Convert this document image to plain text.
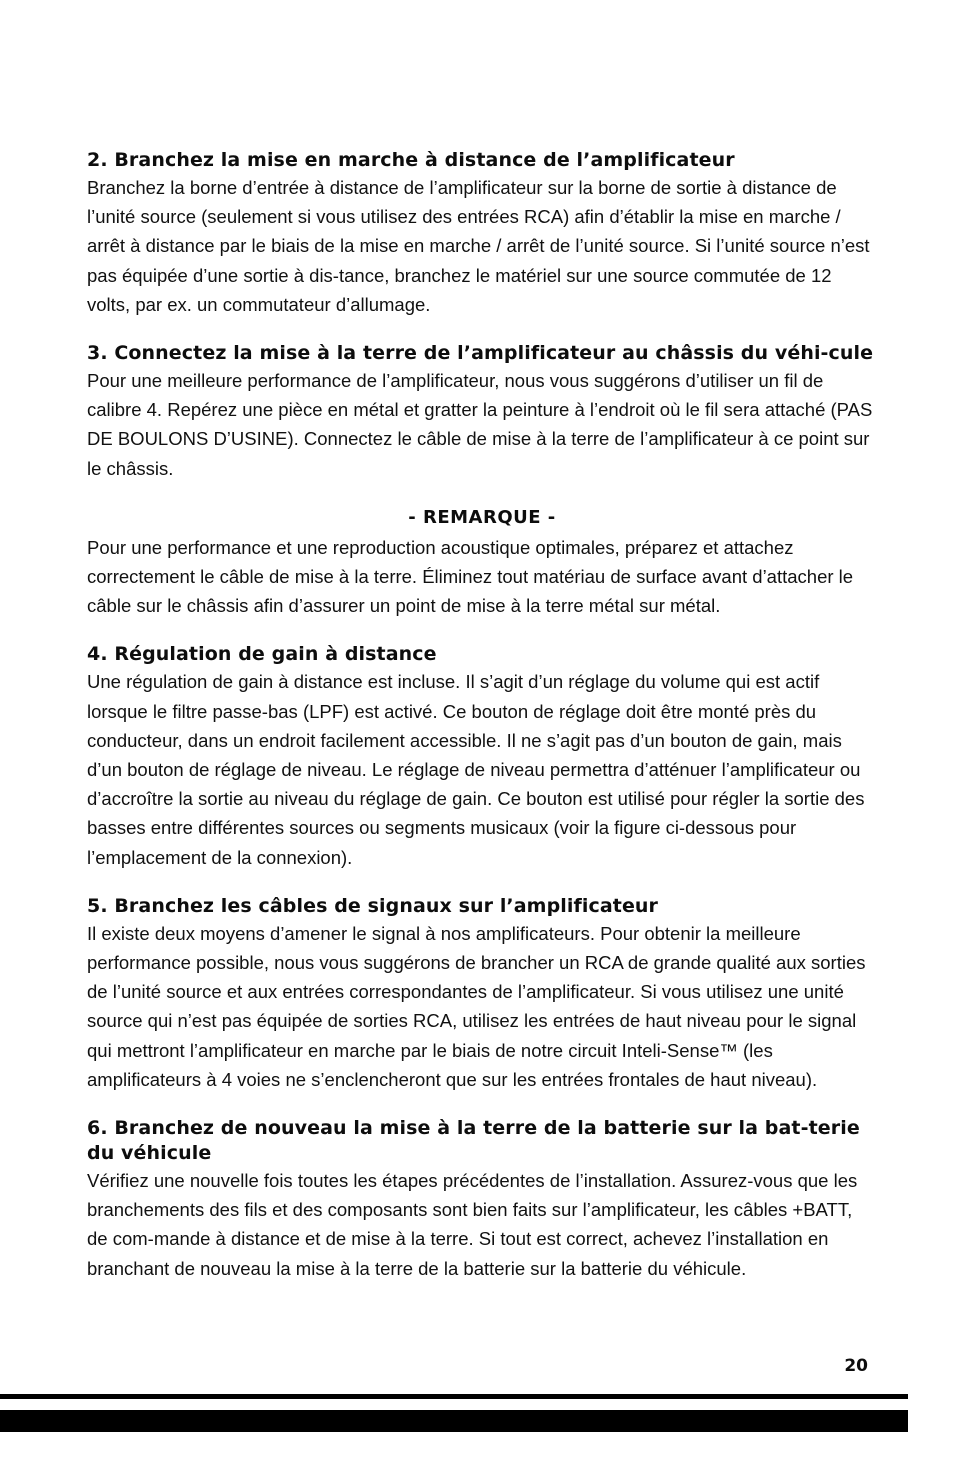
2. Branchez la mise en marche à distance de l’amplificateur

Branchez la borne d’entrée à distance de l’amplificateur sur la borne de sortie à distance de l’unité source (seulement si vous utilisez des entrées RCA) afin d’établir la mise en marche / arrêt à distance par le biais de la mise en marche / arrêt de l’unité source. Si l’unité source n’est pas équipée d’une sortie à dis-tance, branchez le matériel sur une source commutée de 12 volts, par ex. un commutateur d’allumage.

3. Connectez la mise à la terre de l’amplificateur au châssis du véhi-cule

Pour une meilleure performance de l’amplificateur, nous vous suggérons d’utiliser un fil de calibre 4. Repérez une pièce en métal et gratter la peinture à l’endroit où le fil sera attaché (PAS DE BOULONS D’USINE). Connectez le câble de mise à la terre de l’amplificateur à ce point sur le châssis.

- REMARQUE -

Pour une performance et une reproduction acoustique optimales, préparez et attachez correctement le câble de mise à la terre. Éliminez tout matériau de surface avant d’attacher le câble sur le châssis afin d’assurer un point de mise à la terre métal sur métal.

4. Régulation de gain à distance

Une régulation de gain à distance est incluse. Il s’agit d’un réglage du volume qui est actif lorsque le filtre passe-bas (LPF) est activé. Ce bouton de réglage doit être monté près du conducteur, dans un endroit facilement accessible. Il ne s’agit pas d’un bouton de gain, mais d’un bouton de réglage de niveau. Le réglage de niveau permettra d’atténuer l’amplificateur ou d’accroître la sortie au niveau du réglage de gain. Ce bouton est utilisé pour régler la sortie des basses entre différentes sources ou segments musicaux (voir la figure ci-dessous pour l’emplacement de la connexion).

5. Branchez les câbles de signaux sur l’amplificateur

Il existe deux moyens d’amener le signal à nos amplificateurs. Pour obtenir la meilleure performance possible, nous vous suggérons de brancher un RCA de grande qualité aux sorties de l’unité source et aux entrées correspondantes de l’amplificateur. Si vous utilisez une unité source qui n’est pas équipée de sorties RCA, utilisez les entrées de haut niveau pour le signal qui mettront l’amplificateur en marche par le biais de notre circuit Inteli-Sense™ (les amplificateurs à 4 voies ne s’enclencheront que sur les entrées frontales de haut niveau).

6. Branchez de nouveau la mise à la terre de la batterie sur la bat-terie du véhicule

Vérifiez une nouvelle fois toutes les étapes précédentes de l’installation. Assurez-vous que les branchements des fils et des composants sont bien faits sur l’amplificateur, les câbles +BATT, de com-mande à distance et de mise à la terre. Si tout est correct, achevez l’installation en branchant de nouveau la mise à la terre de la batterie sur la batterie du véhicule.

20
